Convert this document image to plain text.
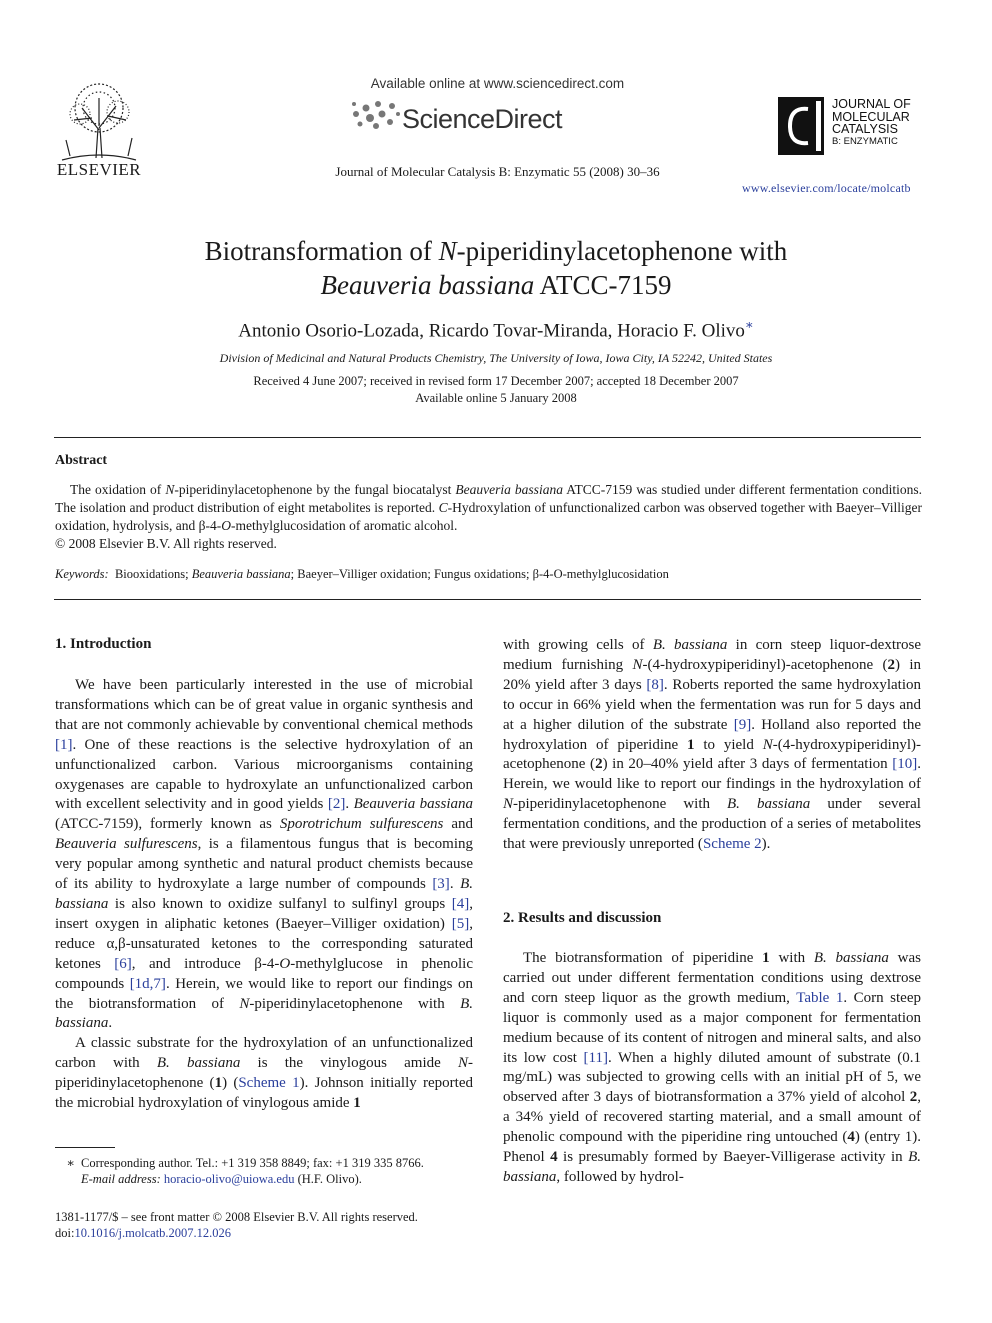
ELSEVIER
Available online at www.sciencedirect.com
ScienceDirect
Journal of Molecular Catalysis B: Enzymatic 55 (2008) 30–36
JOURNAL OF
MOLECULAR
CATALYSIS
B: ENZYMATIC
www.elsevier.com/locate/molcatb
Biotransformation of N-piperidinylacetophenone with
Beauveria bassiana ATCC-7159
Antonio Osorio-Lozada, Ricardo Tovar-Miranda, Horacio F. Olivo∗
Division of Medicinal and Natural Products Chemistry, The University of Iowa, Iowa City, IA 52242, United States
Received 4 June 2007; received in revised form 17 December 2007; accepted 18 December 2007
Available online 5 January 2008
Abstract
The oxidation of N-piperidinylacetophenone by the fungal biocatalyst Beauveria bassiana ATCC-7159 was studied under different fermentation conditions. The isolation and product distribution of eight metabolites is reported. C-Hydroxylation of unfunctionalized carbon was observed together with Baeyer–Villiger oxidation, hydrolysis, and β-4-O-methylglucosidation of aromatic alcohol.
© 2008 Elsevier B.V. All rights reserved.
Keywords: Biooxidations; Beauveria bassiana; Baeyer–Villiger oxidation; Fungus oxidations; β-4-O-methylglucosidation
1. Introduction

We have been particularly interested in the use of microbial transformations which can be of great value in organic synthesis and that are not commonly achievable by conventional chemical methods [1]. One of these reactions is the selective hydroxylation of an unfunctionalized carbon. Various microorganisms containing oxygenases are capable to hydroxylate an unfunctionalized carbon with excellent selectivity and in good yields [2]. Beauveria bassiana (ATCC-7159), formerly known as Sporotrichum sulfurescens and Beauveria sulfurescens, is a filamentous fungus that is becoming very popular among synthetic and natural product chemists because of its ability to hydroxylate a large number of compounds [3]. B. bassiana is also known to oxidize sulfanyl to sulfinyl groups [4], insert oxygen in aliphatic ketones (Baeyer–Villiger oxidation) [5], reduce α,β-unsaturated ketones to the corresponding saturated ketones [6], and introduce β-4-O-methylglucose in phenolic compounds [1d,7]. Herein, we would like to report our findings on the biotransformation of N-piperidinylacetophenone with B. bassiana.

A classic substrate for the hydroxylation of an unfunctionalized carbon with B. bassiana is the vinylogous amide N-piperidinylacetophenone (1) (Scheme 1). Johnson initially reported the microbial hydroxylation of vinylogous amide 1

with growing cells of B. bassiana in corn steep liquor-dextrose medium furnishing N-(4-hydroxypiperidinyl)-acetophenone (2) in 20% yield after 3 days [8]. Roberts reported the same hydroxylation to occur in 66% yield when the fermentation was run for 5 days and at a higher dilution of the substrate [9]. Holland also reported the hydroxylation of piperidine 1 to yield N-(4-hydroxypiperidinyl)-acetophenone (2) in 20–40% yield after 3 days of fermentation [10]. Herein, we would like to report our findings in the hydroxylation of N-piperidinylacetophenone with B. bassiana under several fermentation conditions, and the production of a series of metabolites that were previously unreported (Scheme 2).

2. Results and discussion

The biotransformation of piperidine 1 with B. bassiana was carried out under different fermentation conditions using dextrose and corn steep liquor as the growth medium, Table 1. Corn steep liquor is commonly used as a major component for fermentation medium because of its content of nitrogen and mineral salts, and also its low cost [11]. When a highly diluted amount of substrate (0.1 mg/mL) was subjected to growing cells with an initial pH of 5, we observed after 3 days of biotransformation a 37% yield of alcohol 2, a 34% yield of recovered starting material, and a small amount of phenolic compound with the piperidine ring untouched (4) (entry 1). Phenol 4 is presumably formed by Baeyer-Villigerase activity in B. bassiana, followed by hydrol-

∗ Corresponding author. Tel.: +1 319 358 8849; fax: +1 319 335 8766.
E-mail address: horacio-olivo@uiowa.edu (H.F. Olivo).
1381-1177/$ – see front matter © 2008 Elsevier B.V. All rights reserved.
doi:10.1016/j.molcatb.2007.12.026
